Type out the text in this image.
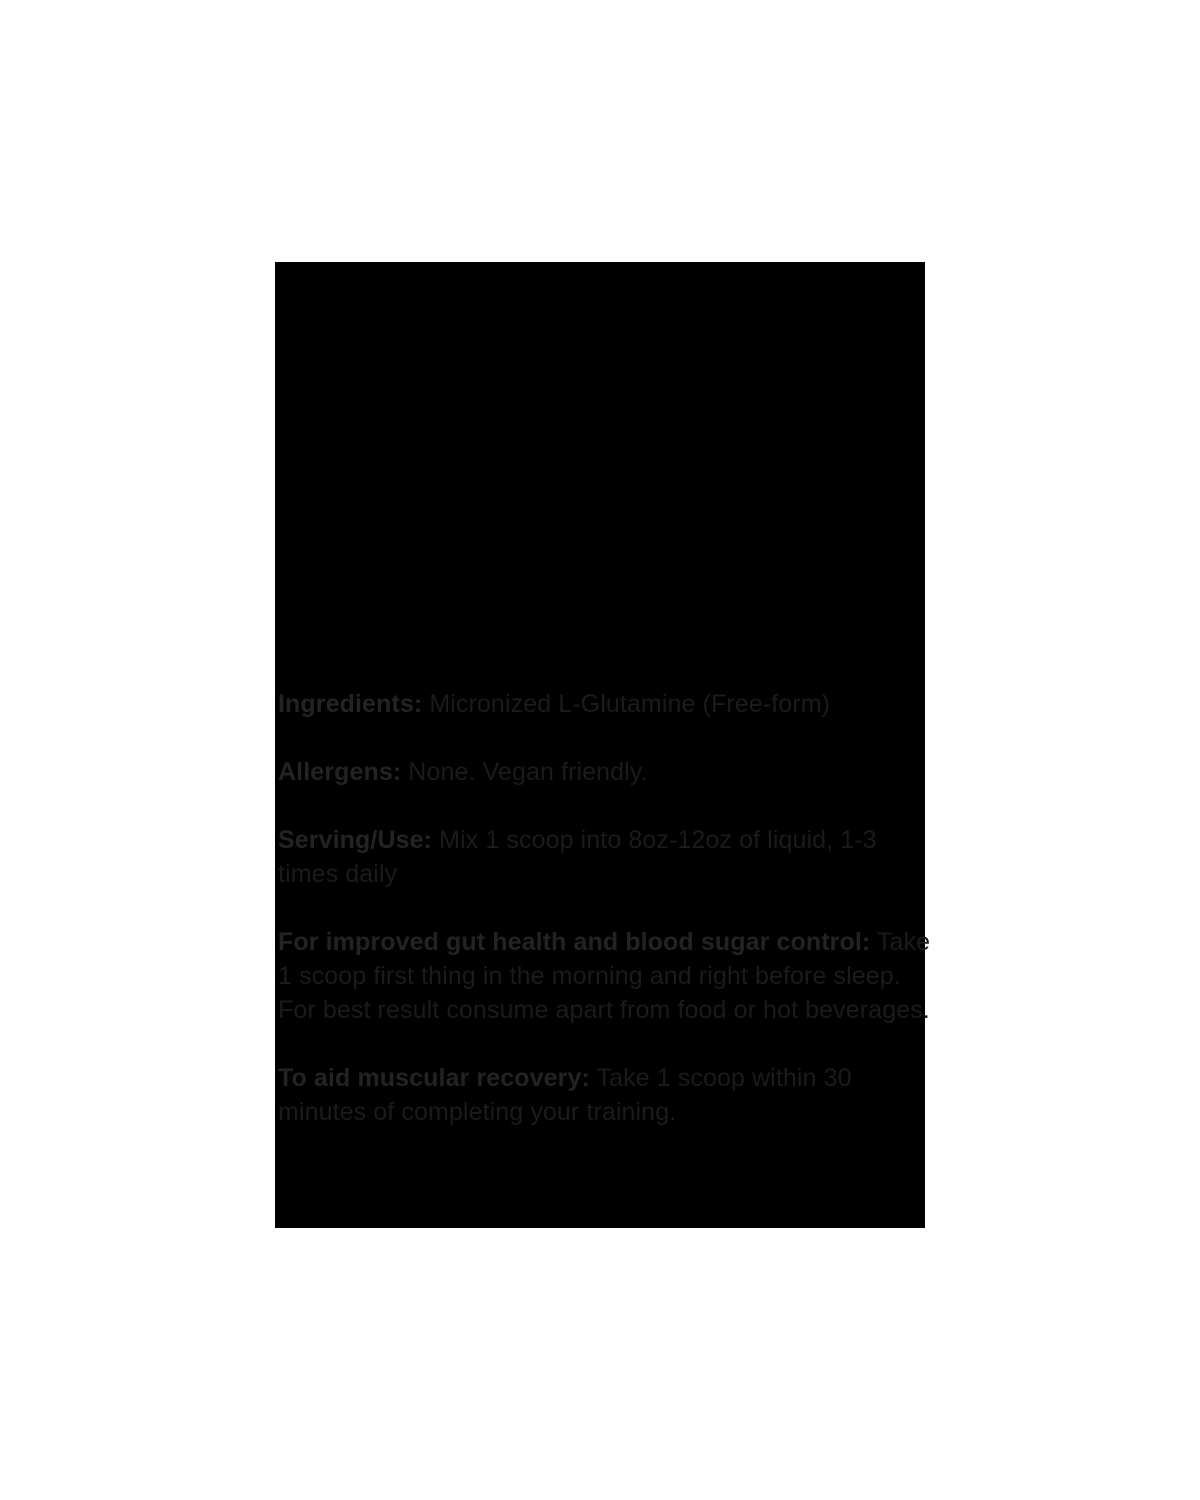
Ingredients: Micronized L-Glutamine (Free-form)

Allergens: None. Vegan friendly.

Serving/Use: Mix 1 scoop into 8oz-12oz of liquid, 1-3 times daily

For improved gut health and blood sugar control: Take 1 scoop first thing in the morning and right before sleep. For best result consume apart from food or hot beverages.

To aid muscular recovery: Take 1 scoop within 30 minutes of completing your training.
